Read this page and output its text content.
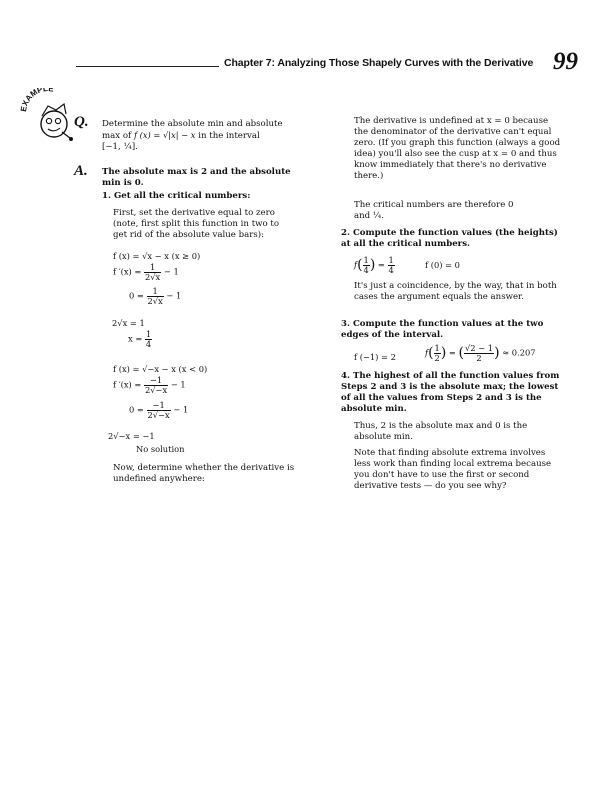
Chapter 7: Analyzing Those Shapely Curves with the Derivative 99
EXAMPLE
Q. Determine the absolute min and absolute
max of f (x) = √|x| − x in the interval
[−1, ¼].
A. The absolute max is 2 and the absolute min is 0.
1. Get all the critical numbers:
First, set the derivative equal to zero (note, first split this function in two to get rid of the absolute value bars):
f (x) = √x − x (x ≥ 0)
f $'(x) = \frac{1}{2√x} - 1$
$0 = \frac{1}{2√x} - 1$
2√x = 1
$x = \frac{1}{4}$
f (x) = √−x − x (x < 0)
f $'(x) = \frac{-1}{2√-x} - 1$
$0 = \frac{-1}{2√-x} - 1$
2√−x = −1
No solution
Now, determine whether the derivative is undefined anywhere:
The derivative is undefined at x = 0 because the denominator of the derivative can't equal zero. (If you graph this function (always a good idea) you'll also see the cusp at x = 0 and thus know immediately that there's no derivative there.)
The critical numbers are therefore 0 and ¼.
2. Compute the function values (the heights) at all the critical numbers.
$f( \frac{1}{4}$ ) = $\frac{1}{4}$	f (0) = 0
It's just a coincidence, by the way, that in both cases the argument equals the answer.
3. Compute the function values at the two edges of the interval.
f (−1) = 2	$f( \frac{1}{2}$ ) = ( $\frac{√2 - 1}{2}$ ) ≈ 0.207
4. The highest of all the function values from Steps 2 and 3 is the absolute max; the lowest of all the values from Steps 2 and 3 is the absolute min.
Thus, 2 is the absolute max and 0 is the absolute min.
Note that finding absolute extrema involves less work than finding local extrema because you don't have to use the first or second derivative tests — do you see why?
